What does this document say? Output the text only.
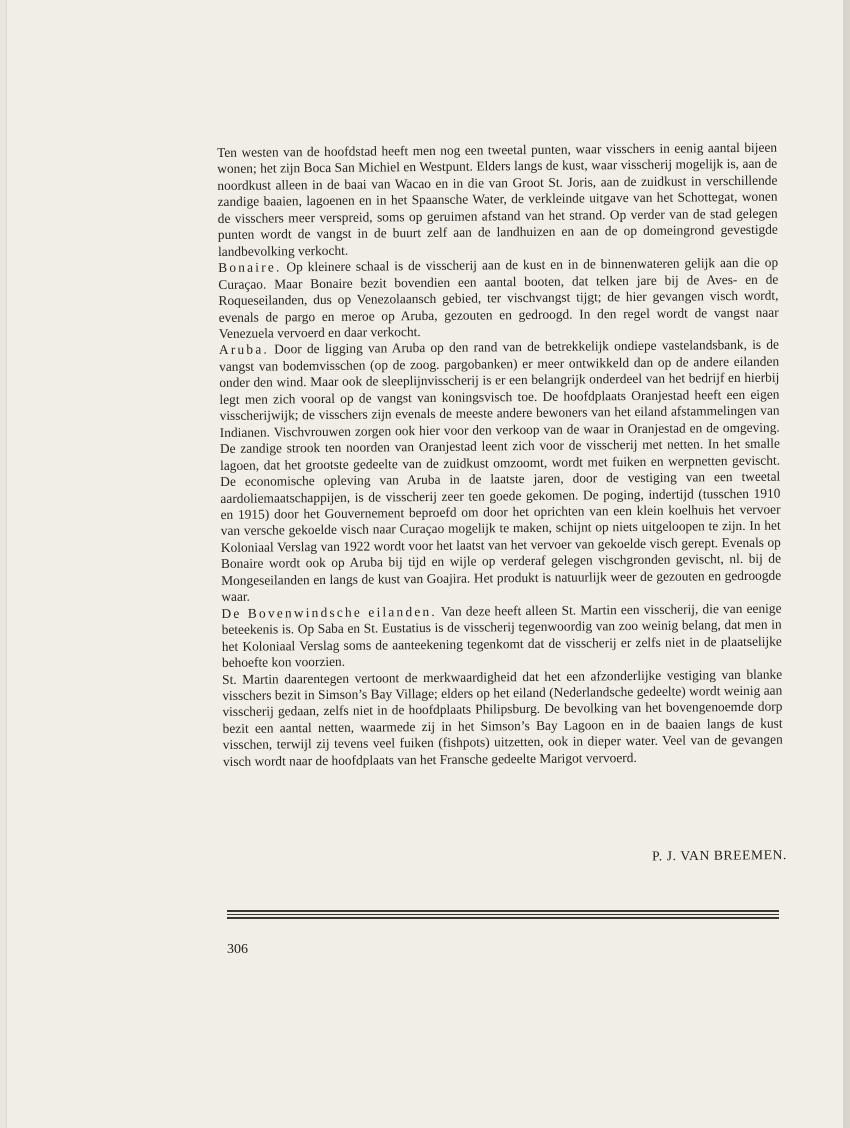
Ten westen van de hoofdstad heeft men nog een tweetal punten, waar visschers in eenig aantal bijeen wonen; het zijn Boca San Michiel en Westpunt. Elders langs de kust, waar visscherij mogelijk is, aan de noordkust alleen in de baai van Wacao en in die van Groot St. Joris, aan de zuidkust in verschillende zandige baaien, lagoenen en in het Spaansche Water, de verkleinde uitgave van het Schottegat, wonen de visschers meer verspreid, soms op geruimen afstand van het strand. Op verder van de stad gelegen punten wordt de vangst in de buurt zelf aan de landhuizen en aan de op domeingrond gevestigde landbevolking verkocht.

Bonaire. Op kleinere schaal is de visscherij aan de kust en in de binnenwateren gelijk aan die op Curaçao. Maar Bonaire bezit bovendien een aantal booten, dat telken jare bij de Aves- en de Roqueseilanden, dus op Venezolaansch gebied, ter vischvangst tijgt; de hier gevangen visch wordt, evenals de pargo en meroe op Aruba, gezouten en gedroogd. In den regel wordt de vangst naar Venezuela vervoerd en daar verkocht.

Aruba. Door de ligging van Aruba op den rand van de betrekkelijk ondiepe vastelandsbank, is de vangst van bodemvisschen (op de zoog. pargobanken) er meer ontwikkeld dan op de andere eilanden onder den wind. Maar ook de sleeplijnvisscherij is er een belangrijk onderdeel van het bedrijf en hierbij legt men zich vooral op de vangst van koningsvisch toe. De hoofdplaats Oranjestad heeft een eigen visscherijwijk; de visschers zijn evenals de meeste andere bewoners van het eiland afstammelingen van Indianen. Vischvrouwen zorgen ook hier voor den verkoop van de waar in Oranjestad en de omgeving. De zandige strook ten noorden van Oranjestad leent zich voor de visscherij met netten. In het smalle lagoen, dat het grootste gedeelte van de zuidkust omzoomt, wordt met fuiken en werpnetten gevischt. De economische opleving van Aruba in de laatste jaren, door de vestiging van een tweetal aardoliemaatschappijen, is de visscherij zeer ten goede gekomen. De poging, indertijd (tusschen 1910 en 1915) door het Gouvernement beproefd om door het oprichten van een klein koelhuis het vervoer van versche gekoelde visch naar Curaçao mogelijk te maken, schijnt op niets uitgeloopen te zijn. In het Koloniaal Verslag van 1922 wordt voor het laatst van het vervoer van gekoelde visch gerept. Evenals op Bonaire wordt ook op Aruba bij tijd en wijle op verderaf gelegen vischgronden gevischt, nl. bij de Mongeseilanden en langs de kust van Goajira. Het produkt is natuurlijk weer de gezouten en gedroogde waar.

De Bovenwindsche eilanden. Van deze heeft alleen St. Martin een visscherij, die van eenige beteekenis is. Op Saba en St. Eustatius is de visscherij tegenwoordig van zoo weinig belang, dat men in het Koloniaal Verslag soms de aanteekening tegenkomt dat de visscherij er zelfs niet in de plaatselijke behoefte kon voorzien.

St. Martin daarentegen vertoont de merkwaardigheid dat het een afzonderlijke vestiging van blanke visschers bezit in Simson’s Bay Village; elders op het eiland (Nederlandsche gedeelte) wordt weinig aan visscherij gedaan, zelfs niet in de hoofdplaats Philipsburg. De bevolking van het bovengenoemde dorp bezit een aantal netten, waarmede zij in het Simson’s Bay Lagoon en in de baaien langs de kust visschen, terwijl zij tevens veel fuiken (fishpots) uitzetten, ook in dieper water. Veel van de gevangen visch wordt naar de hoofdplaats van het Fransche gedeelte Marigot vervoerd.

P. J. VAN BREEMEN.
306
